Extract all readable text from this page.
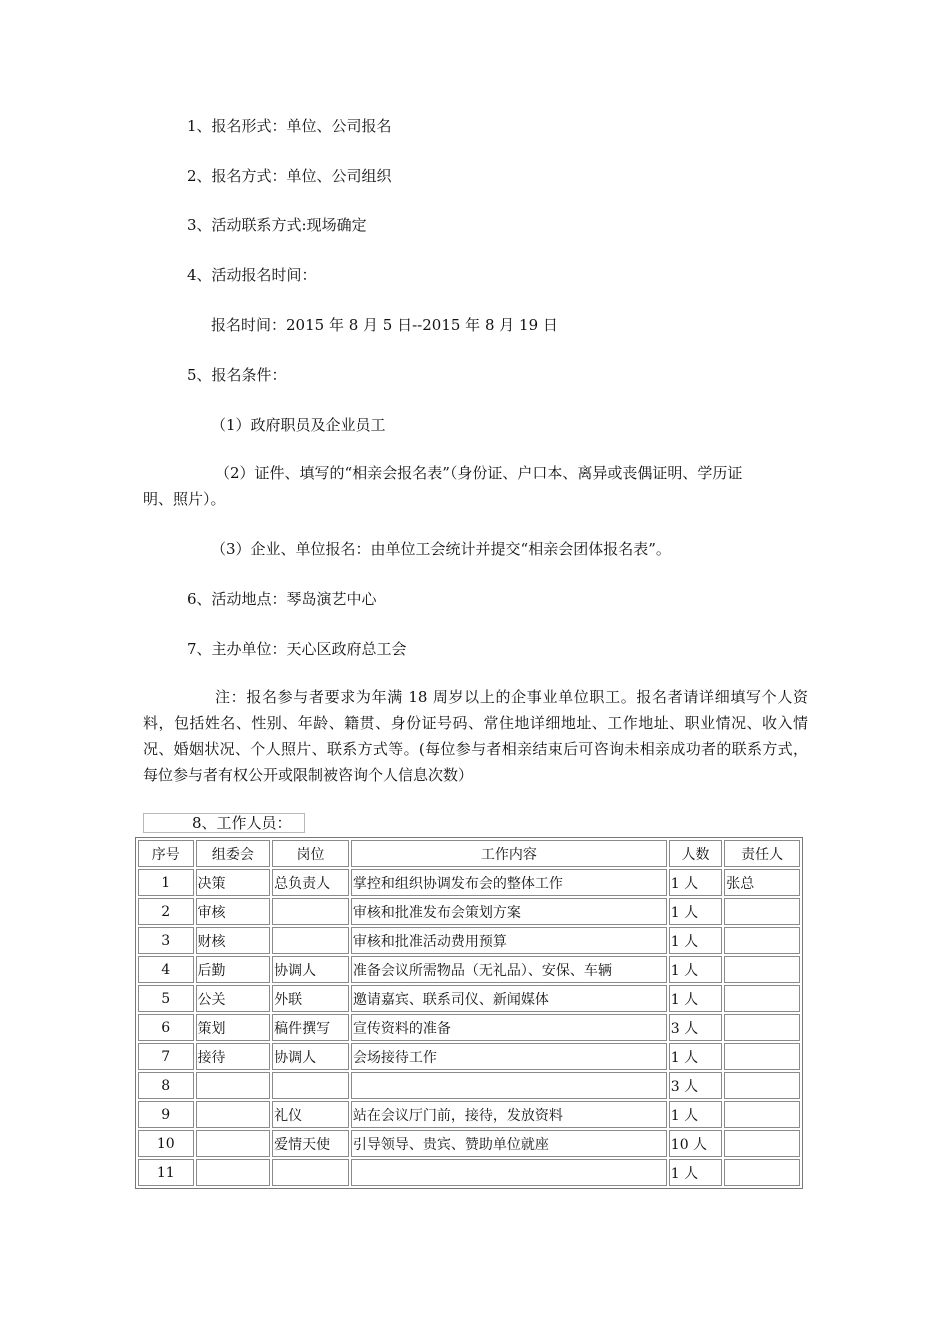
1、报名形式：单位、公司报名
2、报名方式：单位、公司组织
3、活动联系方式:现场确定
4、活动报名时间：
报名时间：2015 年 8 月 5 日--2015 年 8 月 19 日
5、报名条件：
（1）政府职员及企业员工
（2）证件、填写的“相亲会报名表”（身份证、户口本、离异或丧偶证明、学历证
明、照片）。
（3）企业、单位报名：由单位工会统计并提交“相亲会团体报名表”。
6、活动地点：琴岛演艺中心
7、主办单位：天心区政府总工会
注：报名参与者要求为年满 18 周岁以上的企事业单位职工。报名者请详细填写个人资料，包括姓名、性别、年龄、籍贯、身份证号码、常住地详细地址、工作地址、职业情况、收入情况、婚姻状况、个人照片、联系方式等。(每位参与者相亲结束后可咨询未相亲成功者的联系方式，每位参与者有权公开或限制被咨询个人信息次数）
8、工作人员：
序号	组委会	岗位	工作内容	人数	责任人
1	决策	总负责人	掌控和组织协调发布会的整体工作	1 人	张总
2	审核		审核和批准发布会策划方案	1 人	
3	财核		审核和批准活动费用预算	1 人	
4	后勤	协调人	准备会议所需物品（无礼品）、安保、车辆	1 人	
5	公关	外联	邀请嘉宾、联系司仪、新闻媒体	1 人	
6	策划	稿件撰写	宣传资料的准备	3 人	
7	接待	协调人	会场接待工作	1 人	
8				3 人	
9		礼仪	站在会议厅门前，接待，发放资料	1 人	
10		爱情天使	引导领导、贵宾、赞助单位就座	10 人	
11				1 人	
